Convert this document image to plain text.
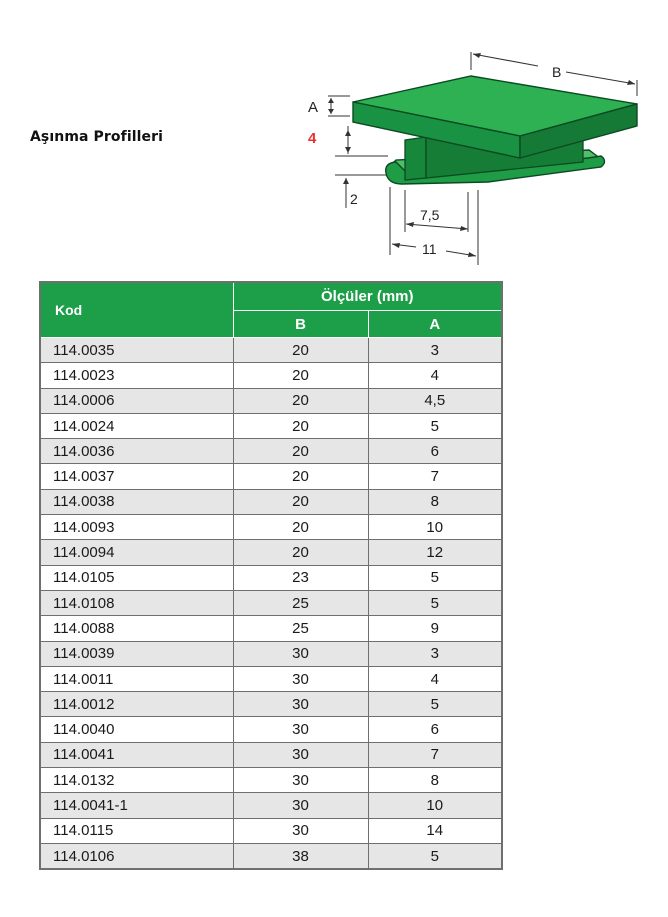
Aşınma Profilleri
B
A
4
2
7,5
11
Kod	Ölçüler (mm)	
	B	A
114.0035	20	3
114.0023	20	4
114.0006	20	4,5
114.0024	20	5
114.0036	20	6
114.0037	20	7
114.0038	20	8
114.0093	20	10
114.0094	20	12
114.0105	23	5
114.0108	25	5
114.0088	25	9
114.0039	30	3
114.0011	30	4
114.0012	30	5
114.0040	30	6
114.0041	30	7
114.0132	30	8
114.0041-1	30	10
114.0115	30	14
114.0106	38	5
